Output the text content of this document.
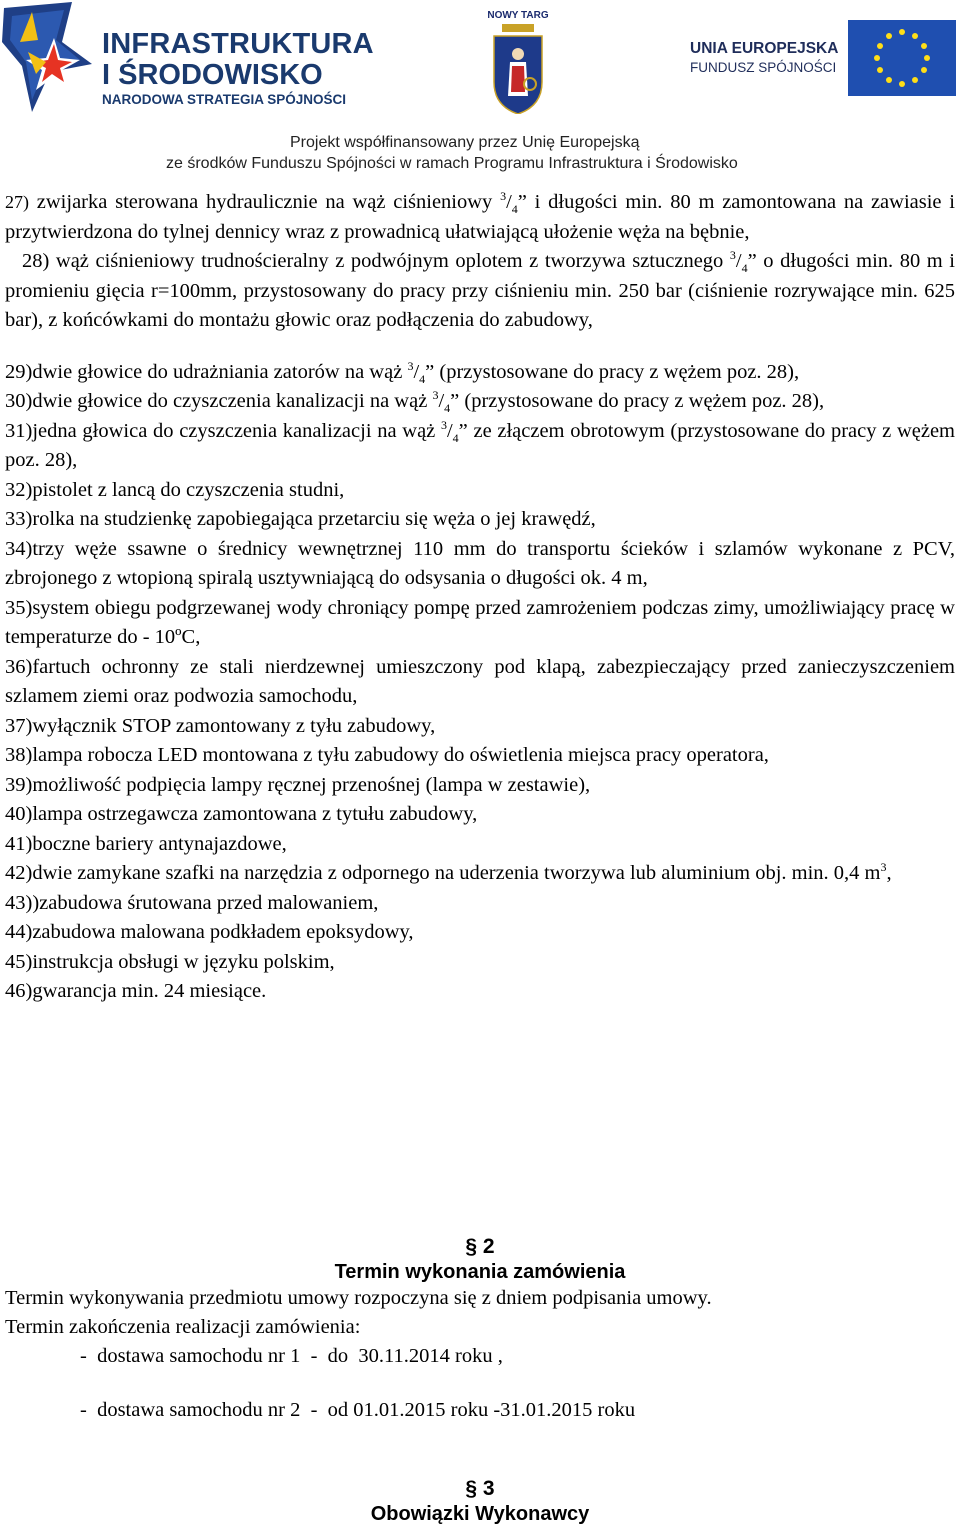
INFRASTRUKTURA
I ŚRODOWISKO
NARODOWA STRATEGIA SPÓJNOŚCI
NOWY TARG
UNIA EUROPEJSKA
FUNDUSZ SPÓJNOŚCI
Projekt współfinansowany przez Unię Europejską
ze środków Funduszu Spójności w ramach Programu Infrastruktura i Środowisko

27) zwijarka sterowana hydraulicznie na wąż ciśnieniowy $^3/_4$” i długości min. 80 m zamontowana na zawiasie i przytwierdzona do tylnej dennicy wraz z prowadnicą ułatwiającą ułożenie węża na bębnie,

28) wąż ciśnieniowy trudnościeralny z podwójnym oplotem z tworzywa sztucznego $^3/_4$” o długości min. 80 m i promieniu gięcia r=100mm, przystosowany do pracy przy ciśnieniu min. 250 bar (ciśnienie rozrywające min. 625 bar), z końcówkami do montażu głowic oraz podłączenia do zabudowy,

29)dwie głowice do udrażniania zatorów na wąż $^3/_4$” (przystosowane do pracy z wężem poz. 28),

30)dwie głowice do czyszczenia kanalizacji na wąż $^3/_4$” (przystosowane do pracy z wężem poz. 28),

31)jedna głowica do czyszczenia kanalizacji na wąż $^3/_4$” ze złączem obrotowym (przystosowane do pracy z wężem poz. 28),

32)pistolet z lancą do czyszczenia studni,

33)rolka na studzienkę zapobiegająca przetarciu się węża o jej krawędź,

34)trzy węże ssawne o średnicy wewnętrznej 110 mm do transportu ścieków i szlamów wykonane z PCV, zbrojonego z wtopioną spiralą usztywniającą do odsysania o długości ok. 4 m,

35)system obiegu podgrzewanej wody chroniący pompę przed zamrożeniem podczas zimy, umożliwiający pracę w temperaturze do - 10ºC,

36)fartuch ochronny ze stali nierdzewnej umieszczony pod klapą, zabezpieczający przed zanieczyszczeniem szlamem ziemi oraz podwozia samochodu,

37)wyłącznik STOP zamontowany z tyłu zabudowy,

38)lampa robocza LED montowana z tyłu zabudowy do oświetlenia miejsca pracy operatora,

39)możliwość podpięcia lampy ręcznej przenośnej (lampa w zestawie),

40)lampa ostrzegawcza zamontowana z tytułu zabudowy,

41)boczne bariery antynajazdowe,

42)dwie zamykane szafki na narzędzia z odpornego na uderzenia tworzywa lub aluminium obj. min. 0,4 $m^3$,

43))zabudowa śrutowana przed malowaniem,

44)zabudowa malowana podkładem epoksydowy,

45)instrukcja obsługi w języku polskim,

46)gwarancja min. 24 miesiące.

§ 2
Termin wykonania zamówienia
Termin wykonywania przedmiotu umowy rozpoczyna się z dniem podpisania umowy.
Termin zakończenia realizacji zamówienia:
-  dostawa samochodu nr 1  -  do  30.11.2014 roku ,
-  dostawa samochodu nr 2  -  od 01.01.2015 roku -31.01.2015 roku
§ 3
Obowiązki Wykonawcy
